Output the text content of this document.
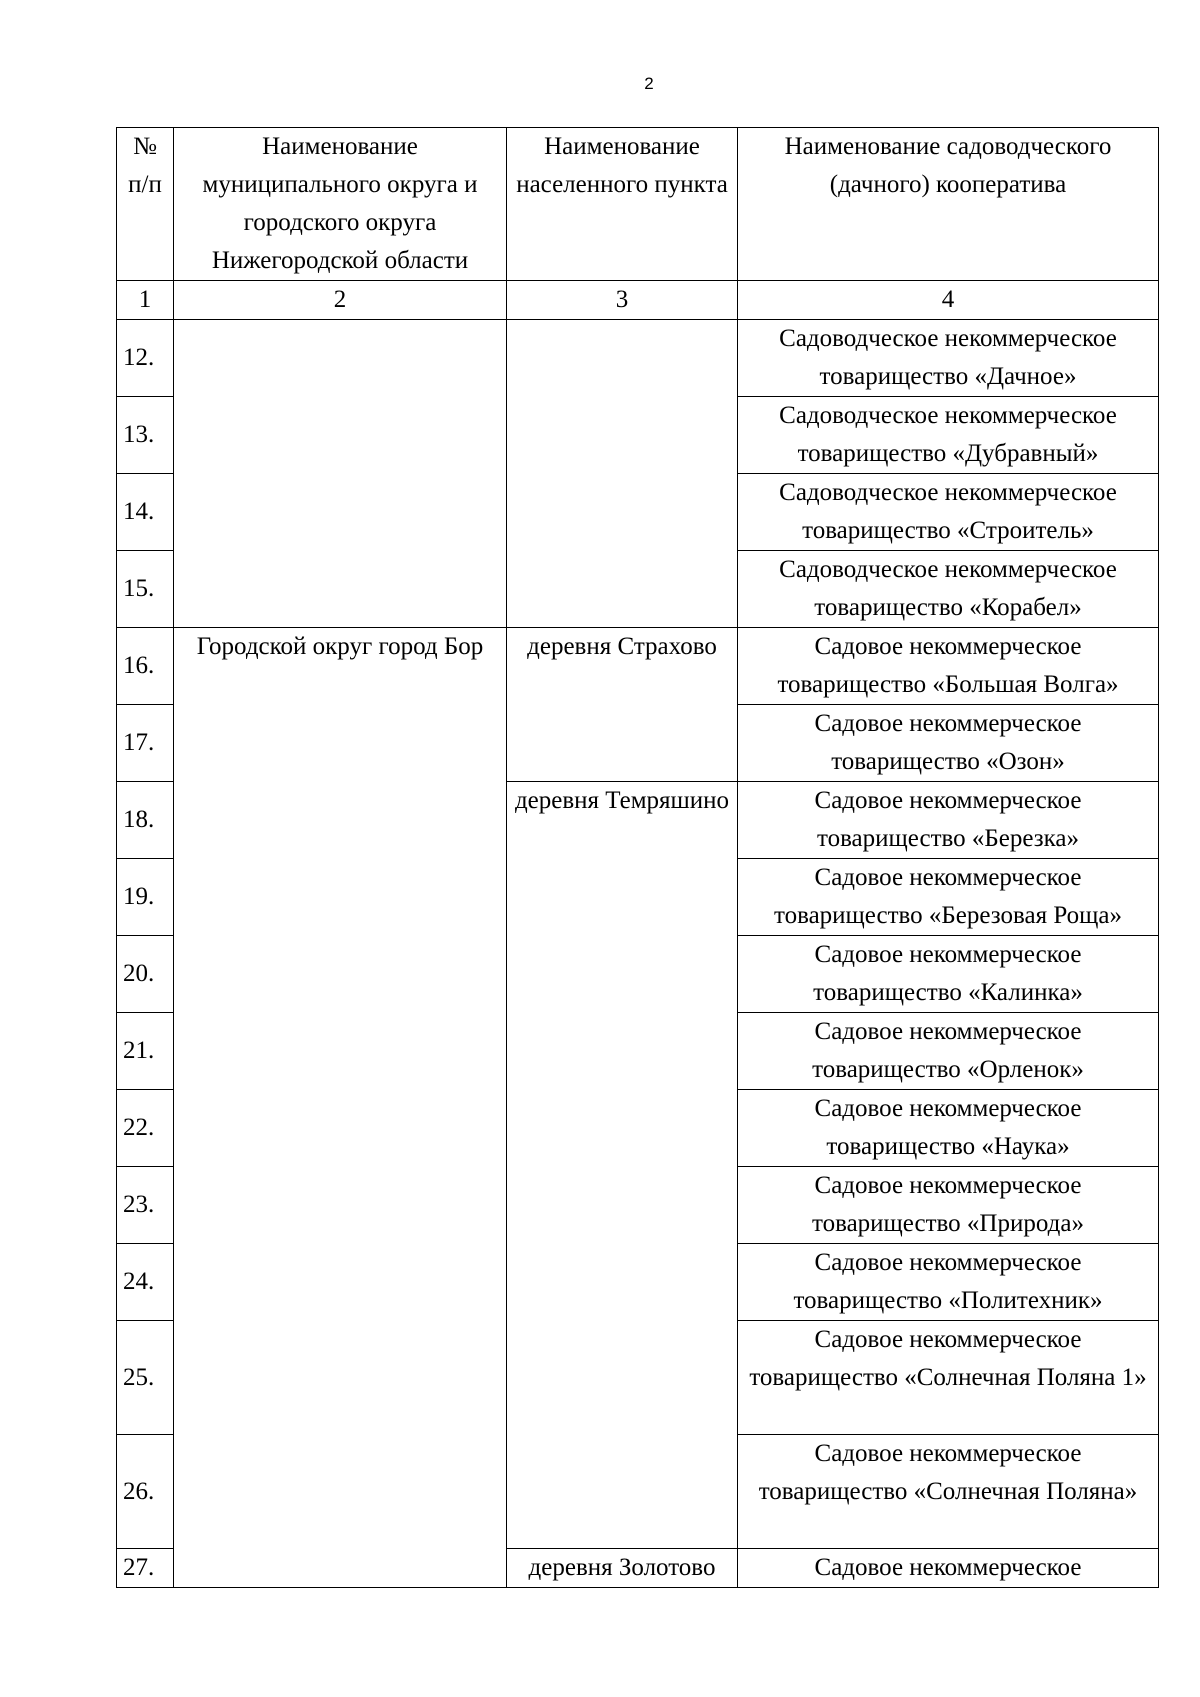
2
№ п/п	Наименование муниципального округа и городского округа Нижегородской области	Наименование населенного пункта	Наименование садоводческого (дачного) кооператива
1	2	3	4
12.			Садоводческое некоммерческое товарищество «Дачное»
13.			Садоводческое некоммерческое товарищество «Дубравный»
14.			Садоводческое некоммерческое товарищество «Строитель»
15.			Садоводческое некоммерческое товарищество «Корабел»
16.	Городской округ город Бор	деревня Страхово	Садовое некоммерческое товарищество «Большая Волга»
17.			Садовое некоммерческое товарищество «Озон»
18.		деревня Темряшино	Садовое некоммерческое товарищество «Березка»
19.			Садовое некоммерческое товарищество «Березовая Роща»
20.			Садовое некоммерческое товарищество «Калинка»
21.			Садовое некоммерческое товарищество «Орленок»
22.			Садовое некоммерческое товарищество «Наука»
23.			Садовое некоммерческое товарищество «Природа»
24.			Садовое некоммерческое товарищество «Политехник»
25.			Садовое некоммерческое товарищество «Солнечная Поляна 1»
26.			Садовое некоммерческое товарищество «Солнечная Поляна»
27.		деревня Золотово	Садовое некоммерческое
